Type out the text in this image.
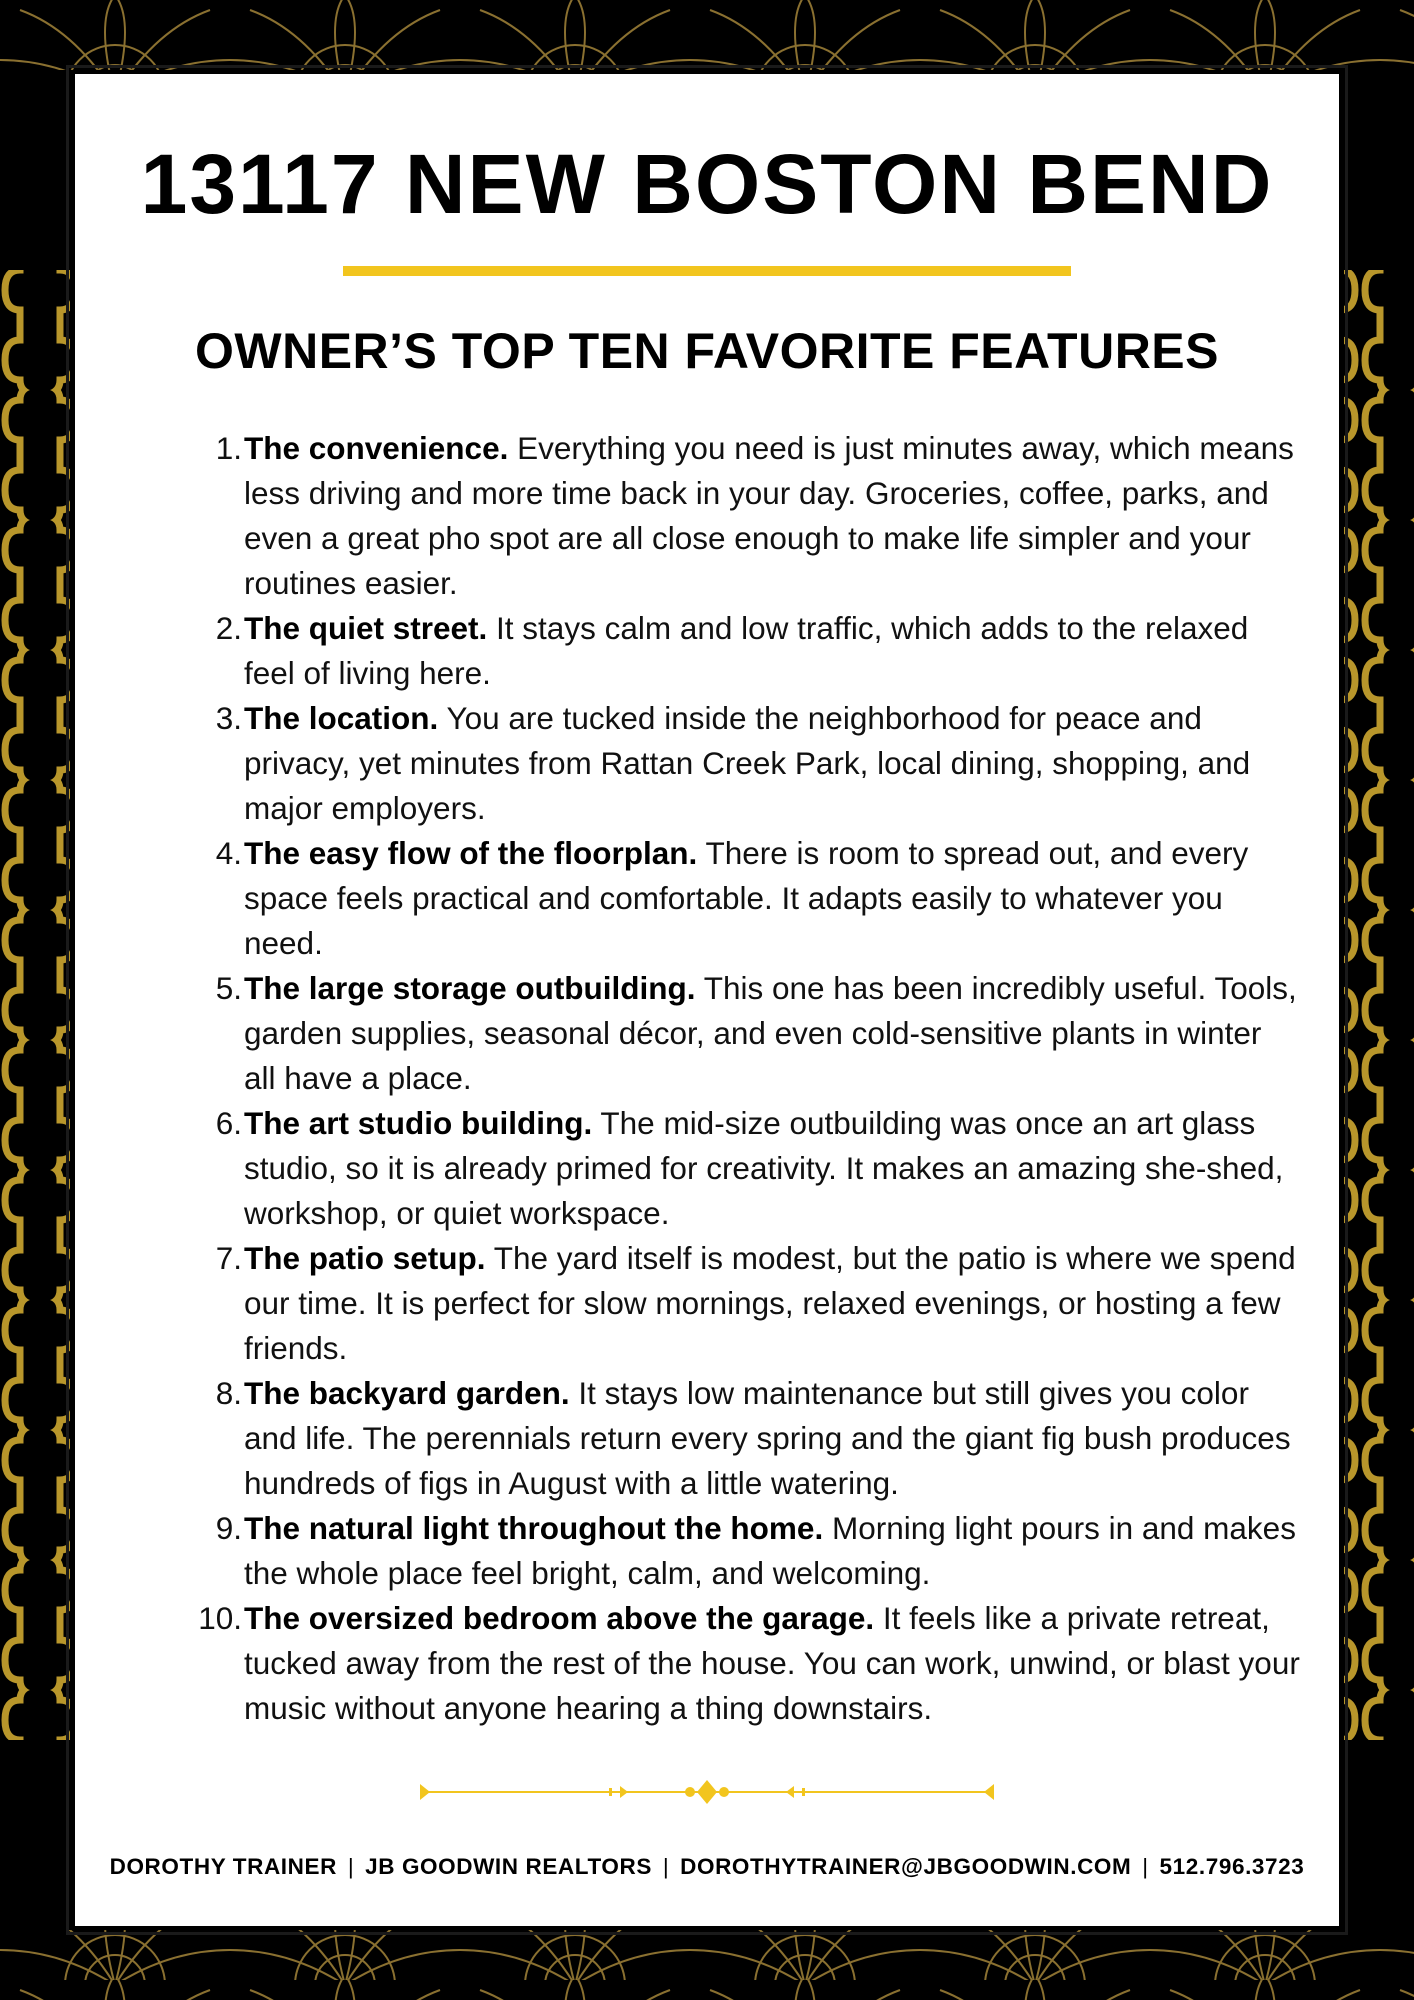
13117 NEW BOSTON BEND
OWNER’S TOP TEN FAVORITE FEATURES
1. The convenience. Everything you need is just minutes away, which means less driving and more time back in your day. Groceries, coffee, parks, and even a great pho spot are all close enough to make life simpler and your routines easier.
2. The quiet street. It stays calm and low traffic, which adds to the relaxed feel of living here.
3. The location. You are tucked inside the neighborhood for peace and privacy, yet minutes from Rattan Creek Park, local dining, shopping, and major employers.
4. The easy flow of the floorplan. There is room to spread out, and every space feels practical and comfortable. It adapts easily to whatever you need.
5. The large storage outbuilding. This one has been incredibly useful. Tools, garden supplies, seasonal décor, and even cold-sensitive plants in winter all have a place.
6. The art studio building. The mid-size outbuilding was once an art glass studio, so it is already primed for creativity. It makes an amazing she-shed, workshop, or quiet workspace.
7. The patio setup. The yard itself is modest, but the patio is where we spend our time. It is perfect for slow mornings, relaxed evenings, or hosting a few friends.
8. The backyard garden. It stays low maintenance but still gives you color and life. The perennials return every spring and the giant fig bush produces hundreds of figs in August with a little watering.
9. The natural light throughout the home. Morning light pours in and makes the whole place feel bright, calm, and welcoming.
10. The oversized bedroom above the garage. It feels like a private retreat, tucked away from the rest of the house. You can work, unwind, or blast your music without anyone hearing a thing downstairs.
DOROTHY TRAINER | JB GOODWIN REALTORS | DOROTHYTRAINER@JBGOODWIN.COM | 512.796.3723
